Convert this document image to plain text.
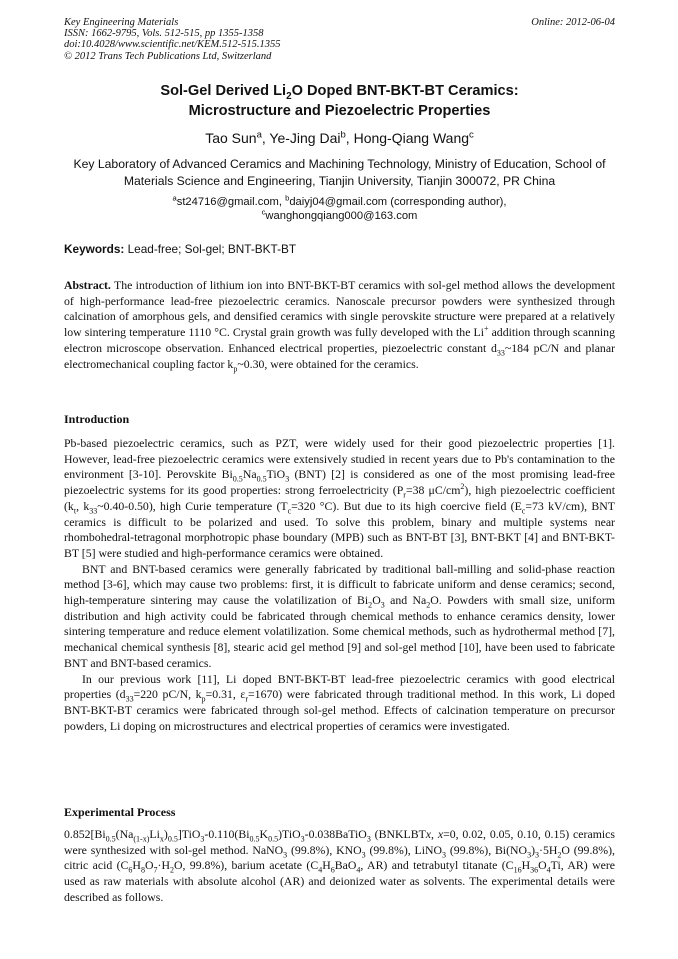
Key Engineering Materials
ISSN: 1662-9795, Vols. 512-515, pp 1355-1358
doi:10.4028/www.scientific.net/KEM.512-515.1355
© 2012 Trans Tech Publications Ltd, Switzerland
Online: 2012-06-04
Sol-Gel Derived $Li_2O$ Doped BNT-BKT-BT Ceramics:
Microstructure and Piezoelectric Properties
Tao Sun$^a$, Ye-Jing Dai$^b$, Hong-Qiang Wang$^c$
Key Laboratory of Advanced Ceramics and Machining Technology, Ministry of Education, School of
Materials Science and Engineering, Tianjin University, Tianjin 300072, PR China
$^a$st24716@gmail.com, $^b$daiyj04@gmail.com (corresponding author),
$^c$wanghongqiang000@163.com
Keywords: Lead-free; Sol-gel; BNT-BKT-BT

Abstract. The introduction of lithium ion into BNT-BKT-BT ceramics with sol-gel method allows the development of high-performance lead-free piezoelectric ceramics. Nanoscale precursor powders were synthesized through calcination of amorphous gels, and densified ceramics with single perovskite structure were prepared at a relatively low sintering temperature 1110 °C. Crystal grain growth was fully developed with the Li+ addition through scanning electron microscope observation. Enhanced electrical properties, piezoelectric constant $d_{33}\sim 184$ pC/N and planar electromechanical coupling factor $k_p\sim 0.30$, were obtained for the ceramics.

Introduction

Pb-based piezoelectric ceramics, such as PZT, were widely used for their good piezoelectric properties [1]. However, lead-free piezoelectric ceramics were extensively studied in recent years due to Pb's contamination to the environment [3-10]. Perovskite $Bi_{0.5}Na_{0.5}TiO_3$ (BNT) [2] is considered as one of the most promising lead-free piezoelectric systems for its good properties: strong ferroelectricity ($P_r=38$ $\mu C/cm^2$), high piezoelectric coefficient ($k_t$, $k_{33}\sim 0.40-0.50$), high Curie temperature ($T_c=320$ °C). But due to its high coercive field ($E_c=73$ kV/cm), BNT ceramics is difficult to be polarized and used. To solve this problem, binary and multiple systems near rhombohedral-tetragonal morphotropic phase boundary (MPB) such as BNT-BT [3], BNT-BKT [4] and BNT-BKT-BT [5] were studied and high-performance ceramics were obtained.

BNT and BNT-based ceramics were generally fabricated by traditional ball-milling and solid-phase reaction method [3-6], which may cause two problems: first, it is difficult to fabricate uniform and dense ceramics; second, high-temperature sintering may cause the volatilization of $Bi_2O_3$ and $Na_2O$. Powders with small size, uniform distribution and high activity could be fabricated through chemical methods to enhance ceramics density, lower sintering temperature and reduce element volatilization. Some chemical methods, such as hydrothermal method [7], mechanical chemical synthesis [8], stearic acid gel method [9] and sol-gel method [10], have been used to fabricate BNT and BNT-based ceramics.

In our previous work [11], Li doped BNT-BKT-BT lead-free piezoelectric ceramics with good electrical properties ($d_{33}=220$ pC/N, $k_p=0.31$, $\varepsilon_r=1670$) were fabricated through traditional method. In this work, Li doped BNT-BKT-BT ceramics were fabricated through sol-gel method. Effects of calcination temperature on precursor powders, Li doping on microstructures and electrical properties of ceramics were investigated.

Experimental Process

$0.852[Bi_{0.5}(Na_{(1-x)}Li_x)_{0.5}]TiO_3-0.110(Bi_{0.5}K_{0.5})TiO_3-0.038BaTiO_3$ (BNKLBTx, x=0, 0.02, 0.05, 0.10, 0.15) ceramics were synthesized with sol-gel method. NaNO$_3$ (99.8%), $KNO_3$ (99.8%), LiNO$_3$ (99.8%), $Bi(NO_3)_3\cdot 5H_2O$ (99.8%), citric acid ($C_6H_8O_7\cdot H_2O$, 99.8%), barium acetate ($C_4H_6BaO_4$, AR) and tetrabutyl titanate ($C_{16}H_{36}O_4Ti$, AR) were used as raw materials with absolute alcohol (AR) and deionized water as solvents. The experimental details were described as follows.
